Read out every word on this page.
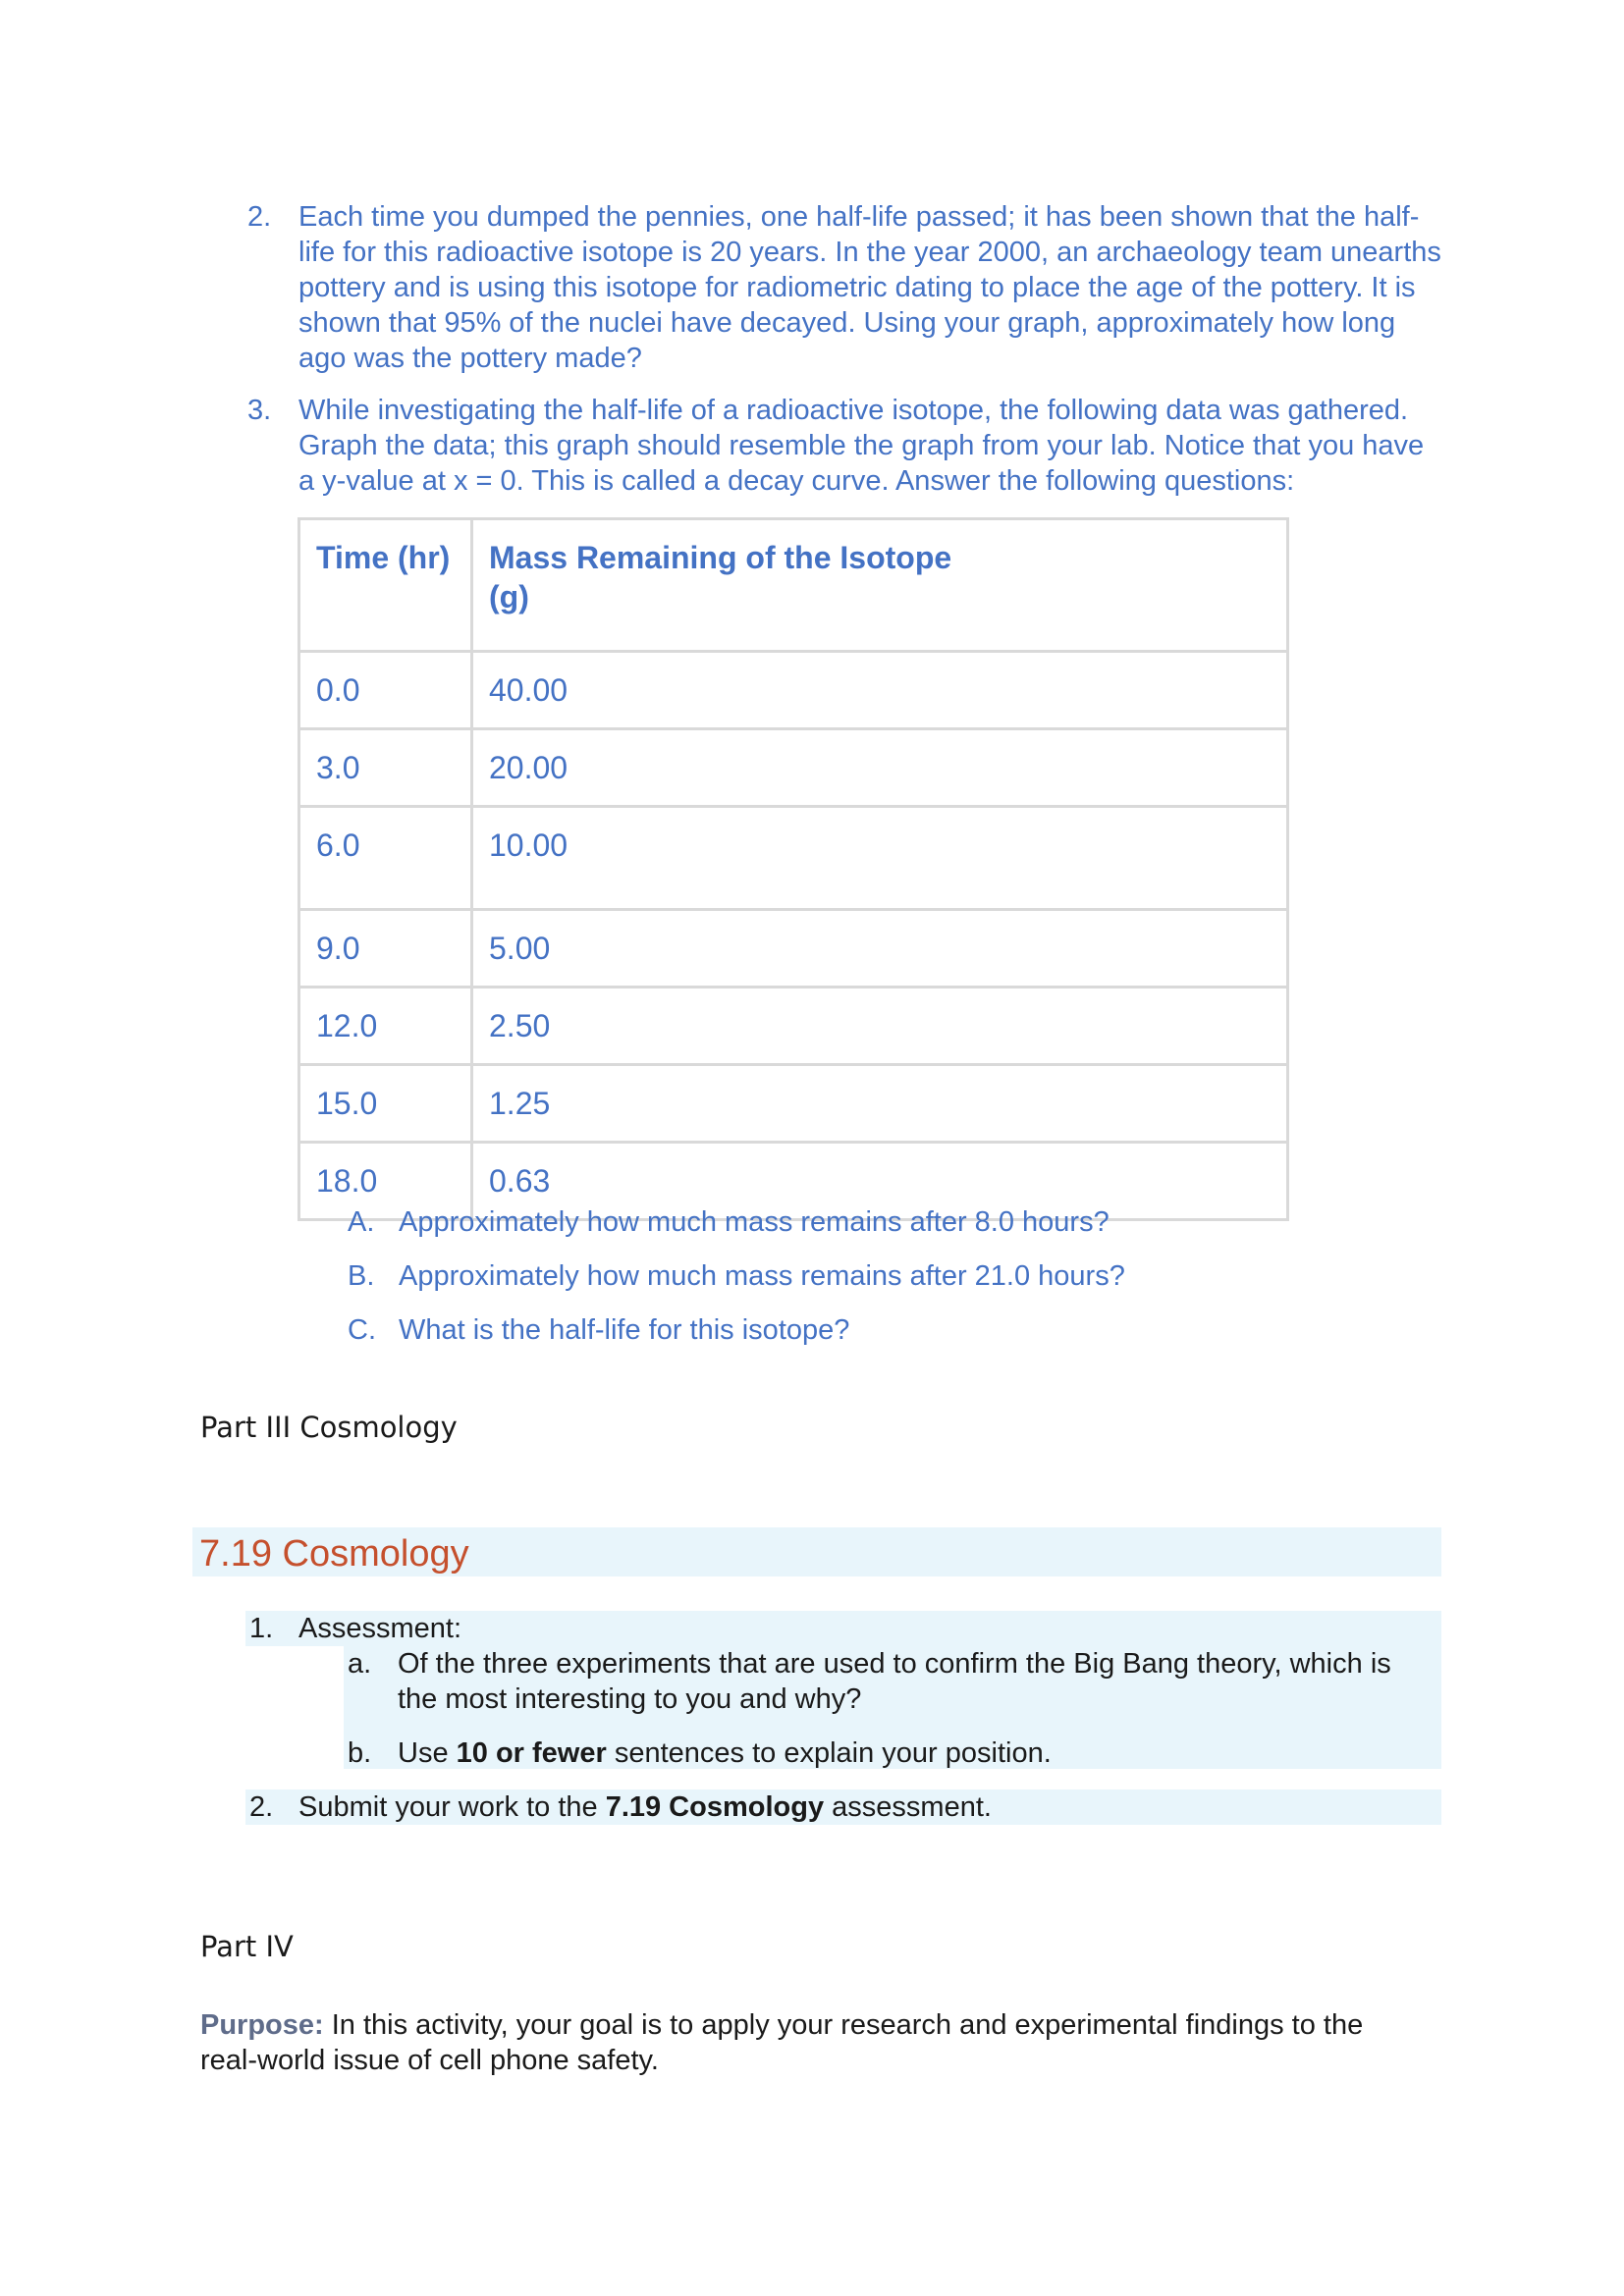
2. Each time you dumped the pennies, one half-life passed; it has been shown that the half-life for this radioactive isotope is 20 years. In the year 2000, an archaeology team unearths pottery and is using this isotope for radiometric dating to place the age of the pottery. It is shown that 95% of the nuclei have decayed. Using your graph, approximately how long ago was the pottery made?
3. While investigating the half-life of a radioactive isotope, the following data was gathered. Graph the data; this graph should resemble the graph from your lab. Notice that you have a y-value at x = 0. This is called a decay curve. Answer the following questions:
Time (hr)	Mass Remaining of the Isotope (g)
0.0	40.00
3.0	20.00
6.0	10.00
9.0	5.00
12.0	2.50
15.0	1.25
18.0	0.63
A. Approximately how much mass remains after 8.0 hours?
B. Approximately how much mass remains after 21.0 hours?
C. What is the half-life for this isotope?
Part III Cosmology
7.19 Cosmology
1. Assessment:
a. Of the three experiments that are used to confirm the Big Bang theory, which is the most interesting to you and why?
b. Use 10 or fewer sentences to explain your position.
2. Submit your work to the 7.19 Cosmology assessment.
Part IV
Purpose: In this activity, your goal is to apply your research and experimental findings to the real-world issue of cell phone safety.
